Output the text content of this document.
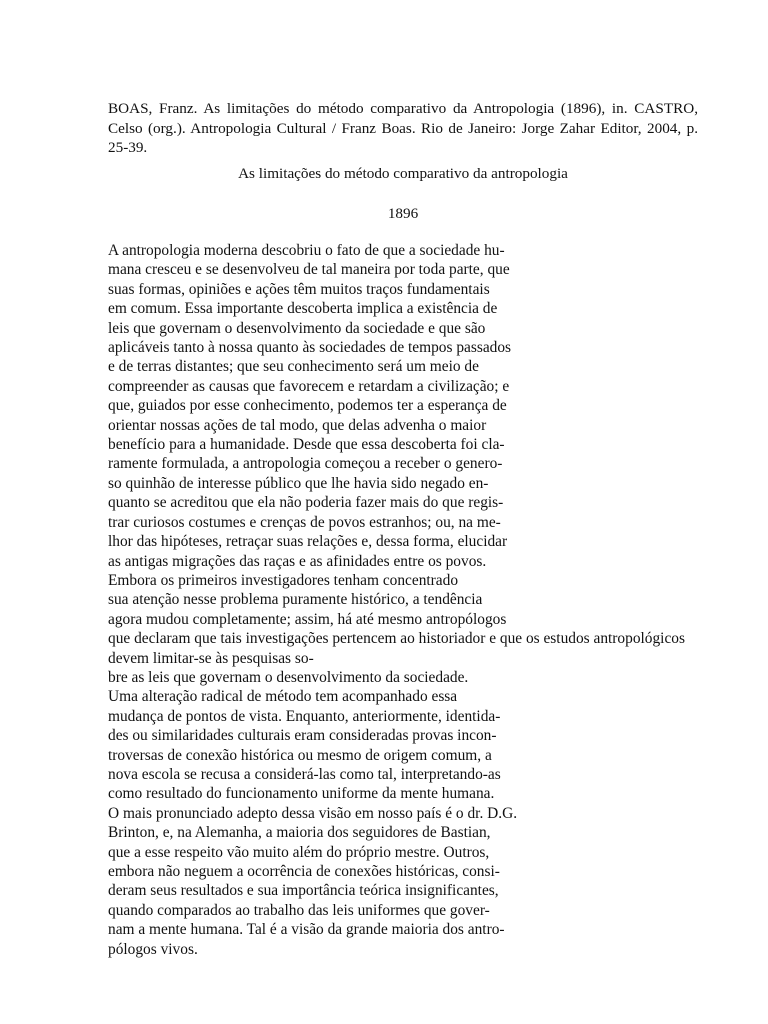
BOAS, Franz. As limitações do método comparativo da Antropologia (1896), in. CASTRO, Celso (org.). Antropologia Cultural / Franz Boas. Rio de Janeiro: Jorge Zahar Editor, 2004, p. 25-39.

As limitações do método comparativo da antropologia

1896

A antropologia moderna descobriu o fato de que a sociedade hu-
mana cresceu e se desenvolveu de tal maneira por toda parte, que
suas formas, opiniões e ações têm muitos traços fundamentais
em comum. Essa importante descoberta implica a existência de
leis que governam o desenvolvimento da sociedade e que são
aplicáveis tanto à nossa quanto às sociedades de tempos passados
e de terras distantes; que seu conhecimento será um meio de
compreender as causas que favorecem e retardam a civilização; e
que, guiados por esse conhecimento, podemos ter a esperança de
orientar nossas ações de tal modo, que delas advenha o maior
benefício para a humanidade. Desde que essa descoberta foi cla-
ramente formulada, a antropologia começou a receber o genero-
so quinhão de interesse público que lhe havia sido negado en-
quanto se acreditou que ela não poderia fazer mais do que regis-
trar curiosos costumes e crenças de povos estranhos; ou, na me-
lhor das hipóteses, retraçar suas relações e, dessa forma, elucidar
as antigas migrações das raças e as afinidades entre os povos.
Embora os primeiros investigadores tenham concentrado
sua atenção nesse problema puramente histórico, a tendência
agora mudou completamente; assim, há até mesmo antropólogos
que declaram que tais investigações pertencem ao historiador e que os estudos antropológicos
devem limitar-se às pesquisas so-
bre as leis que governam o desenvolvimento da sociedade.
Uma alteração radical de método tem acompanhado essa
mudança de pontos de vista. Enquanto, anteriormente, identida-
des ou similaridades culturais eram consideradas provas incon-
troversas de conexão histórica ou mesmo de origem comum, a
nova escola se recusa a considerá-las como tal, interpretando-as
como resultado do funcionamento uniforme da mente humana.
O mais pronunciado adepto dessa visão em nosso país é o dr. D.G.
Brinton, e, na Alemanha, a maioria dos seguidores de Bastian,
que a esse respeito vão muito além do próprio mestre. Outros,
embora não neguem a ocorrência de conexões históricas, consi-
deram seus resultados e sua importância teórica insignificantes,
quando comparados ao trabalho das leis uniformes que gover-
nam a mente humana. Tal é a visão da grande maioria dos antro-
pólogos vivos.
